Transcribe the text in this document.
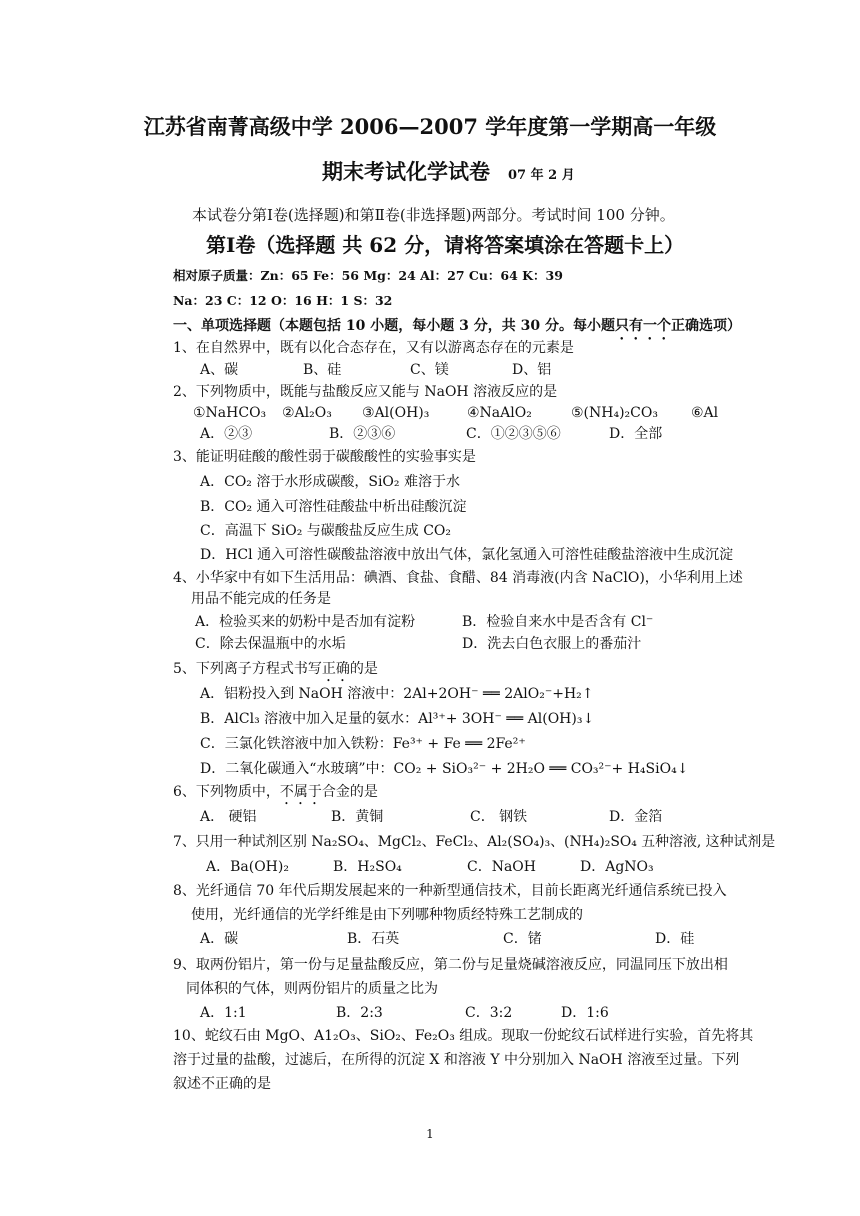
江苏省南菁高级中学 2006—2007 学年度第一学期高一年级
期末考试化学试卷 07 年 2 月
本试卷分第Ⅰ卷(选择题)和第Ⅱ卷(非选择题)两部分。考试时间 100 分钟。
第Ⅰ卷（选择题 共 62 分，请将答案填涂在答题卡上）
相对原子质量：Zn：65 Fe：56 Mg：24 Al：27 Cu：64 K：39
Na：23 C：12 O：16 H：1 S：32
一、单项选择题（本题包括 10 小题，每小题 3 分，共 30 分。每小题只有一个正确选项）
1、在自然界中，既有以化合态存在，又有以游离态存在的元素是
A、碳	B、硅	C、镁	D、铝
2、下列物质中，既能与盐酸反应又能与 NaOH 溶液反应的是
①NaHCO₃ ②Al₂O₃ ③Al(OH)₃	④NaAlO₂	⑤(NH₄)₂CO₃ ⑥Al
A．②③	B．②③⑥	C．①②③⑤⑥	D．全部
3、能证明硅酸的酸性弱于碳酸酸性的实验事实是
A．CO₂ 溶于水形成碳酸，SiO₂ 难溶于水
B．CO₂ 通入可溶性硅酸盐中析出硅酸沉淀
C．高温下 SiO₂ 与碳酸盐反应生成 CO₂
D．HCl 通入可溶性碳酸盐溶液中放出气体，氯化氢通入可溶性硅酸盐溶液中生成沉淀
4、小华家中有如下生活用品：碘酒、食盐、食醋、84 消毒液(内含 NaClO)，小华利用上述
用品不能完成的任务是
A．检验买来的奶粉中是否加有淀粉	B．检验自来水中是否含有 Cl⁻
C．除去保温瓶中的水垢	D．洗去白色衣服上的番茄汁
5、下列离子方程式书写正确的是
A．铝粉投入到 NaOH 溶液中：2Al+2OH⁻ ══ 2AlO₂⁻+H₂↑
B．AlCl₃ 溶液中加入足量的氨水：Al³⁺+ 3OH⁻ ══ Al(OH)₃↓
C．三氯化铁溶液中加入铁粉：Fe³⁺ + Fe ══ 2Fe²⁺
D．二氧化碳通入“水玻璃”中：CO₂ + SiO₃²⁻ + 2H₂O ══ CO₃²⁻+ H₄SiO₄↓
6、下列物质中，不属于合金的是
A． 硬铝	B．黄铜	C． 钢铁	D．金箔
7、只用一种试剂区别 Na₂SO₄、MgCl₂、FeCl₂、Al₂(SO₄)₃、(NH₄)₂SO₄ 五种溶液, 这种试剂是
A．Ba(OH)₂	B．H₂SO₄	C．NaOH	D．AgNO₃
8、光纤通信 70 年代后期发展起来的一种新型通信技术，目前长距离光纤通信系统已投入
使用，光纤通信的光学纤维是由下列哪种物质经特殊工艺制成的
A．碳	B．石英	C．锗	D．硅
9、取两份铝片，第一份与足量盐酸反应，第二份与足量烧碱溶液反应，同温同压下放出相
同体积的气体，则两份铝片的质量之比为
A．1:1	B．2:3	C．3:2	D．1:6
10、蛇纹石由 MgO、A1₂O₃、SiO₂、Fe₂O₃ 组成。现取一份蛇纹石试样进行实验，首先将其
溶于过量的盐酸，过滤后，在所得的沉淀 X 和溶液 Y 中分别加入 NaOH 溶液至过量。下列
叙述不正确的是
1
